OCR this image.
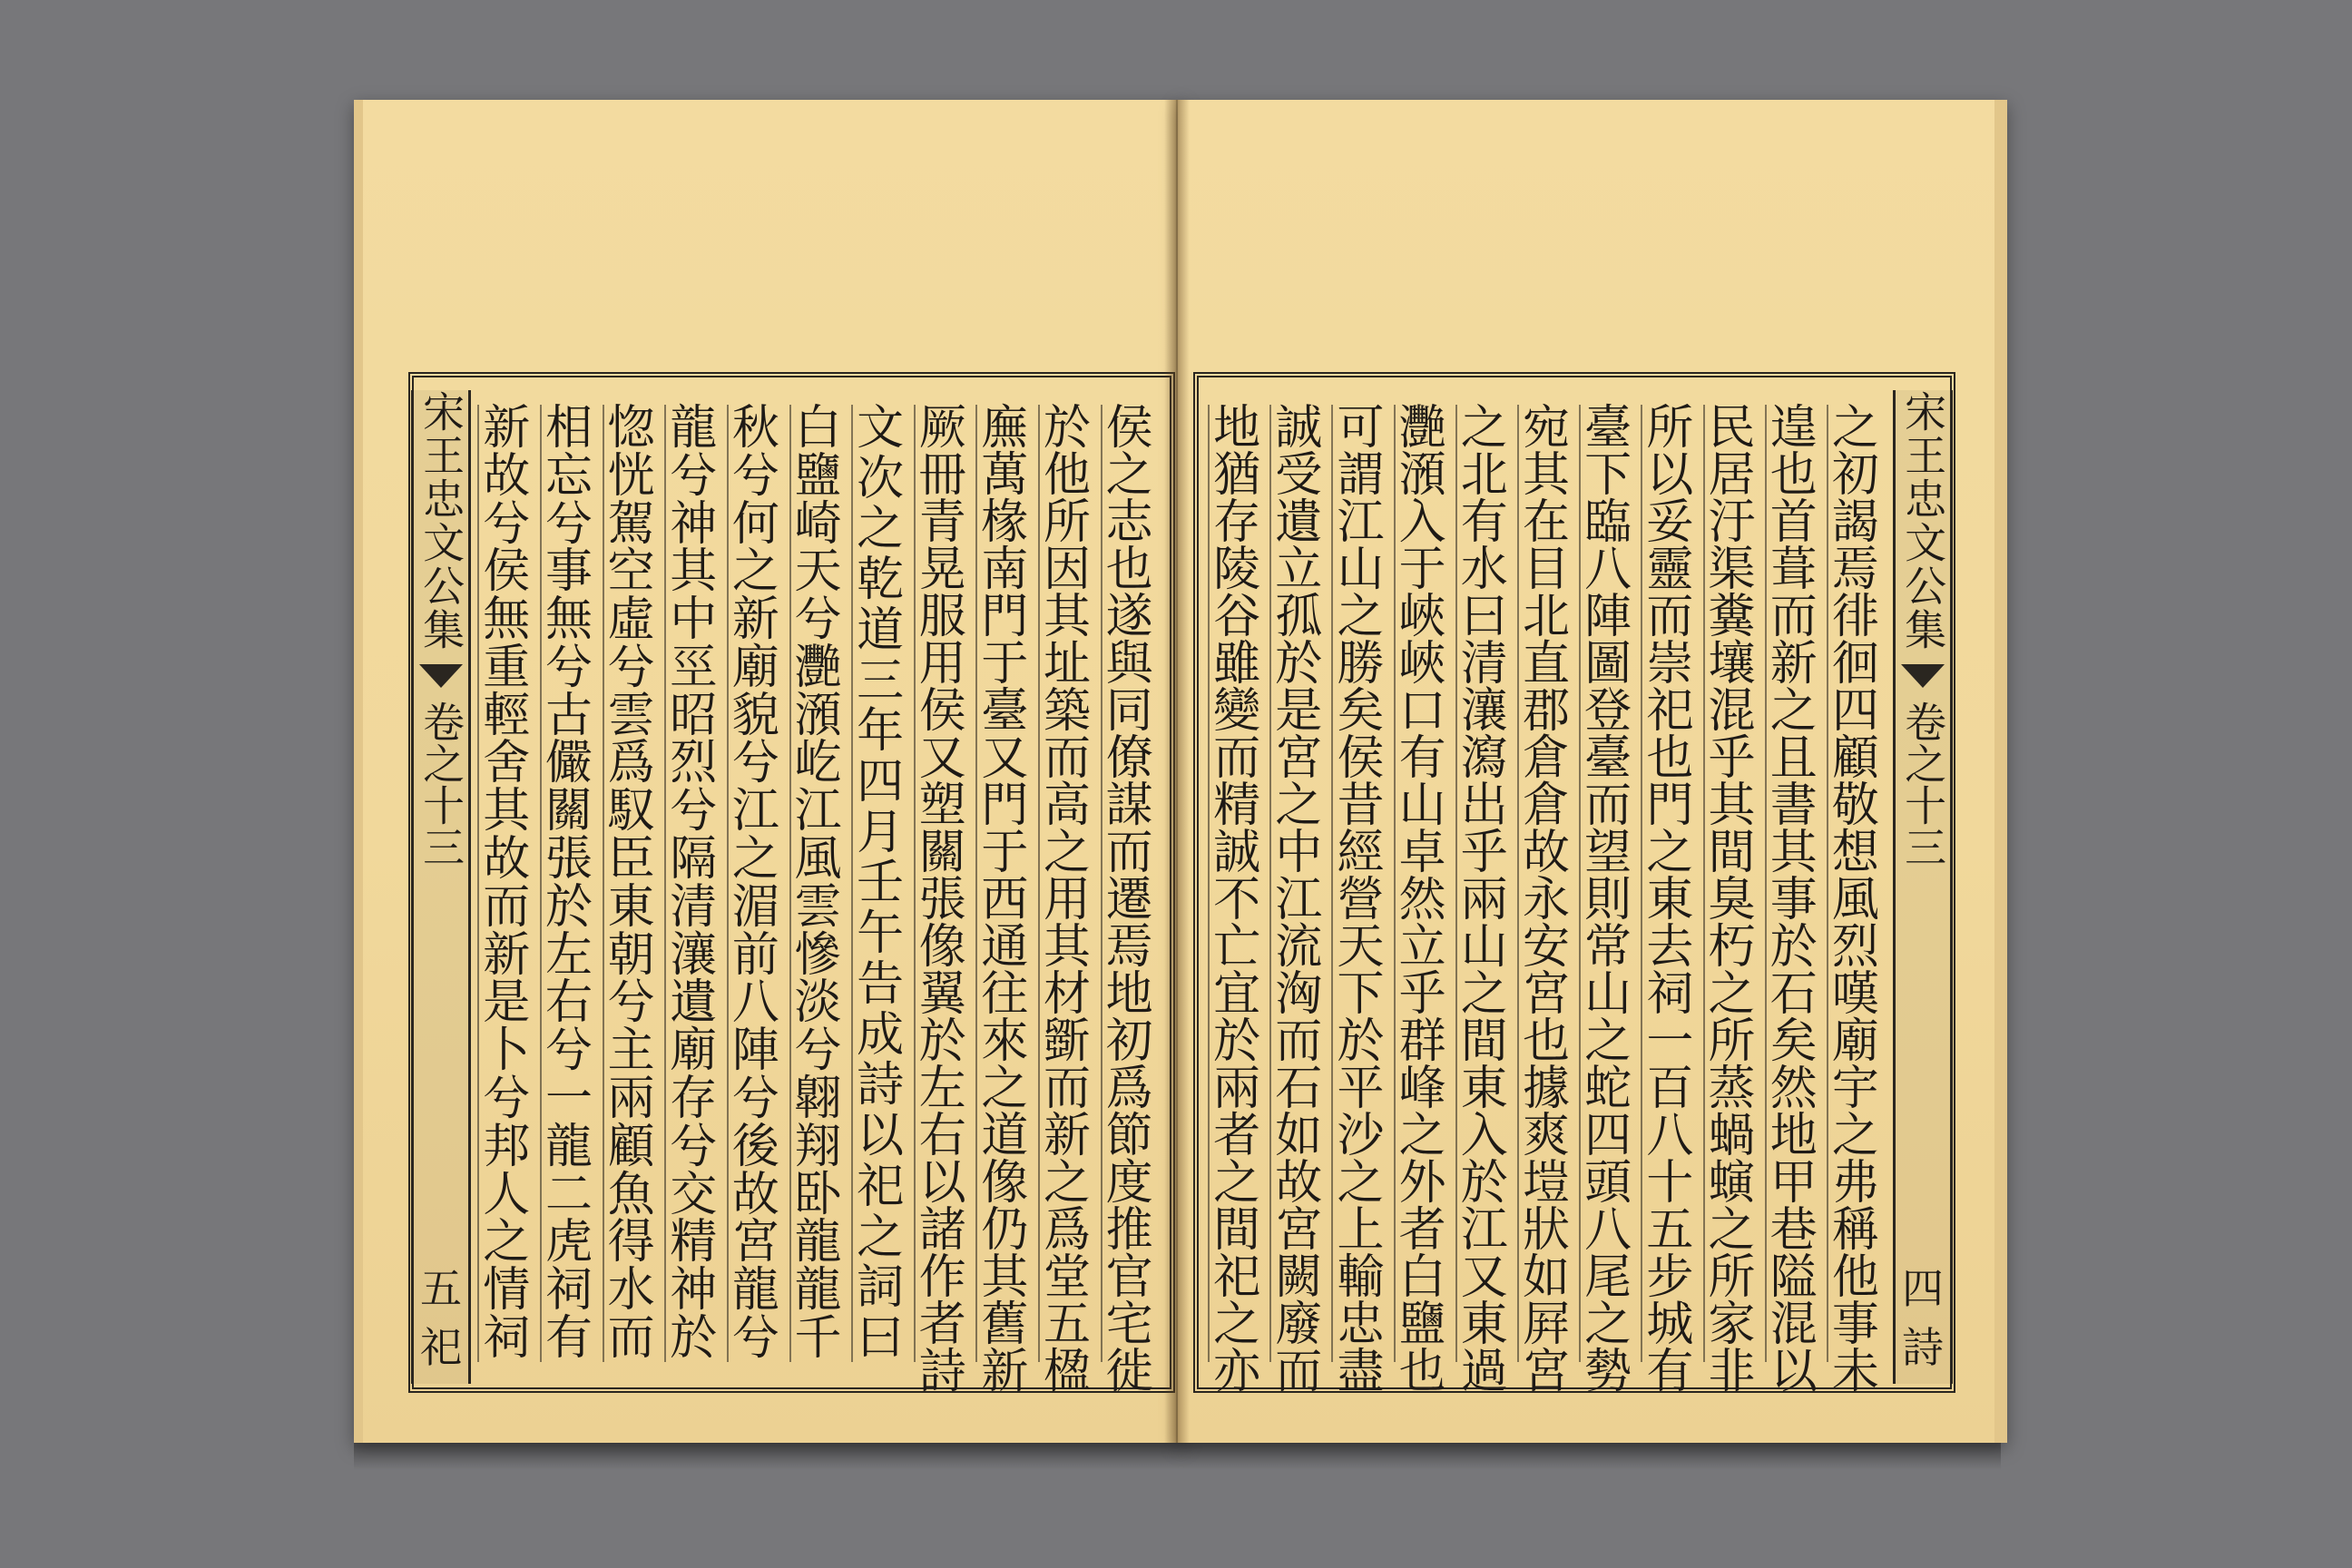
宋王忠文公集
卷之十三
五
祀
侯
之
志
也
遂
與
同
僚
謀
而
遷
焉
地
初
爲
節
度
推
官
宅
徙
於
他
所
因
其
址
築
而
高
之
用
其
材
斵
而
新
之
爲
堂
五
楹
廡
萬
椽
南
門
于
臺
又
門
于
西
通
往
來
之
道
像
仍
其
舊
新
厥
冊
青
晃
服
用
侯
又
塑
關
張
像
翼
於
左
右
以
諸
作
者
詩
文
次
之
乾
道
三
年
四
月
壬
午
告
成
詩
以
祀
之
詞
曰
白
鹽
崎
天
兮
灧
澦
屹
江
風
雲
慘
淡
兮
翺
翔
卧
龍
龍
千
秋
兮
何
之
新
廟
貌
兮
江
之
湄
前
八
陣
兮
後
故
宮
龍
兮
龍
兮
神
其
中
巠
昭
烈
兮
隔
清
瀼
遺
廟
存
兮
交
精
神
於
惚
恍
駕
空
虛
兮
雲
爲
馭
臣
東
朝
兮
主
兩
顧
魚
得
水
而
相
忘
兮
事
無
兮
古
儼
關
張
於
左
右
兮
一
龍
二
虎
祠
有
新
故
兮
侯
無
重
輕
舍
其
故
而
新
是
卜
兮
邦
人
之
情
祠
宋王忠文公集
卷之十三
四
詩
之
初
謁
焉
徘
徊
四
顧
敬
想
風
烈
嘆
廟
宇
之
弗
稱
他
事
未
遑
也
首
葺
而
新
之
且
書
其
事
於
石
矣
然
地
甲
巷
隘
混
以
民
居
汙
渠
糞
壤
混
乎
其
間
臭
朽
之
所
蒸
蝸
螾
之
所
家
非
所
以
妥
靈
而
崇
祀
也
門
之
東
去
祠
一
百
八
十
五
步
城
有
臺
下
臨
八
陣
圖
登
臺
而
望
則
常
山
之
蛇
四
頭
八
尾
之
勢
宛
其
在
目
北
直
郡
倉
倉
故
永
安
宮
也
據
爽
塏
狀
如
屛
宮
之
北
有
水
曰
清
瀼
瀉
出
乎
兩
山
之
間
東
入
於
江
又
東
過
灧
澦
入
于
峽
峽
口
有
山
卓
然
立
乎
群
峰
之
外
者
白
鹽
也
可
謂
江
山
之
勝
矣
侯
昔
經
營
天
下
於
平
沙
之
上
輸
忠
盡
誠
受
遺
立
孤
於
是
宮
之
中
江
流
洶
而
石
如
故
宮
闕
廢
而
地
猶
存
陵
谷
雖
變
而
精
誠
不
亡
宜
於
兩
者
之
間
祀
之
亦
